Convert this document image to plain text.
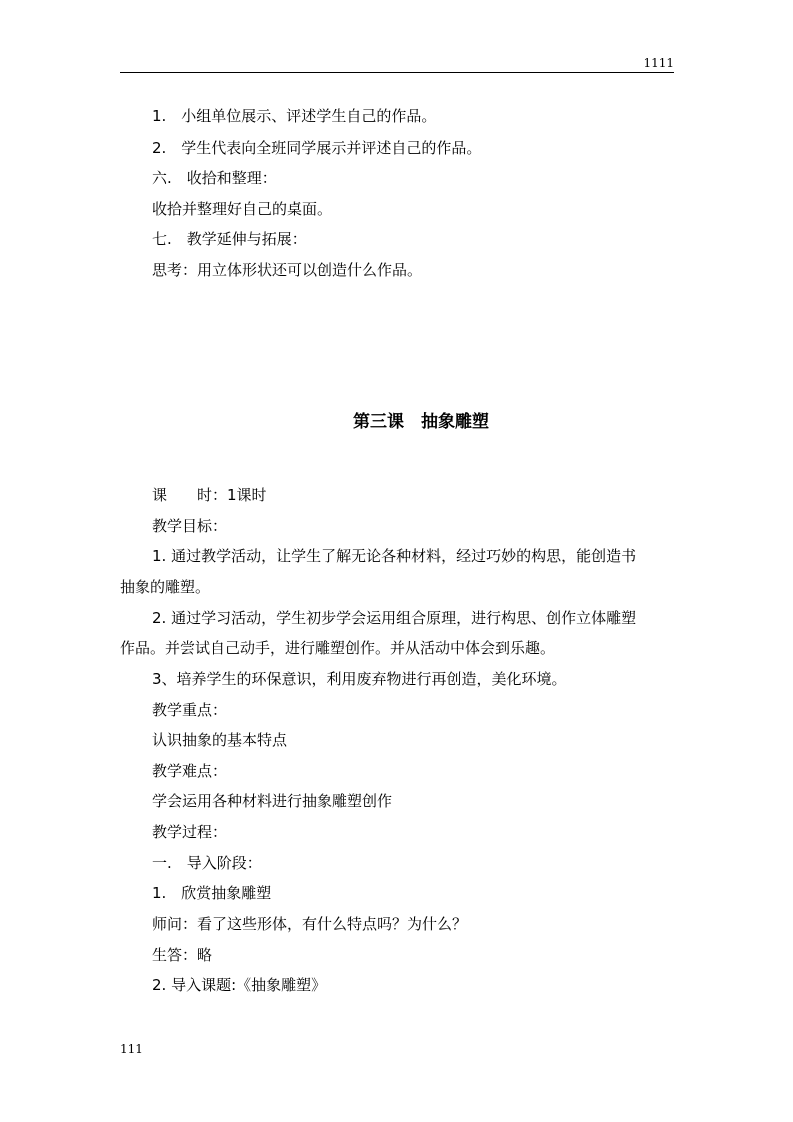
1111
1.　小组单位展示、评述学生自己的作品。
2.　学生代表向全班同学展示并评述自己的作品。
六.　收拾和整理：
收拾并整理好自己的桌面。
七.　教学延伸与拓展：
思考：用立体形状还可以创造什么作品。
第三课　抽象雕塑
课　　时：1课时
教学目标：
1. 通过教学活动，让学生了解无论各种材料，经过巧妙的构思，能创造书
抽象的雕塑。
2. 通过学习活动，学生初步学会运用组合原理，进行构思、创作立体雕塑
作品。并尝试自己动手，进行雕塑创作。并从活动中体会到乐趣。
3、培养学生的环保意识，利用废弃物进行再创造，美化环境。
教学重点：
认识抽象的基本特点
教学难点：
学会运用各种材料进行抽象雕塑创作
教学过程：
一.　导入阶段：
1.　欣赏抽象雕塑
师问：看了这些形体，有什么特点吗？为什么？
生答：略
2. 导入课题:《抽象雕塑》
111
